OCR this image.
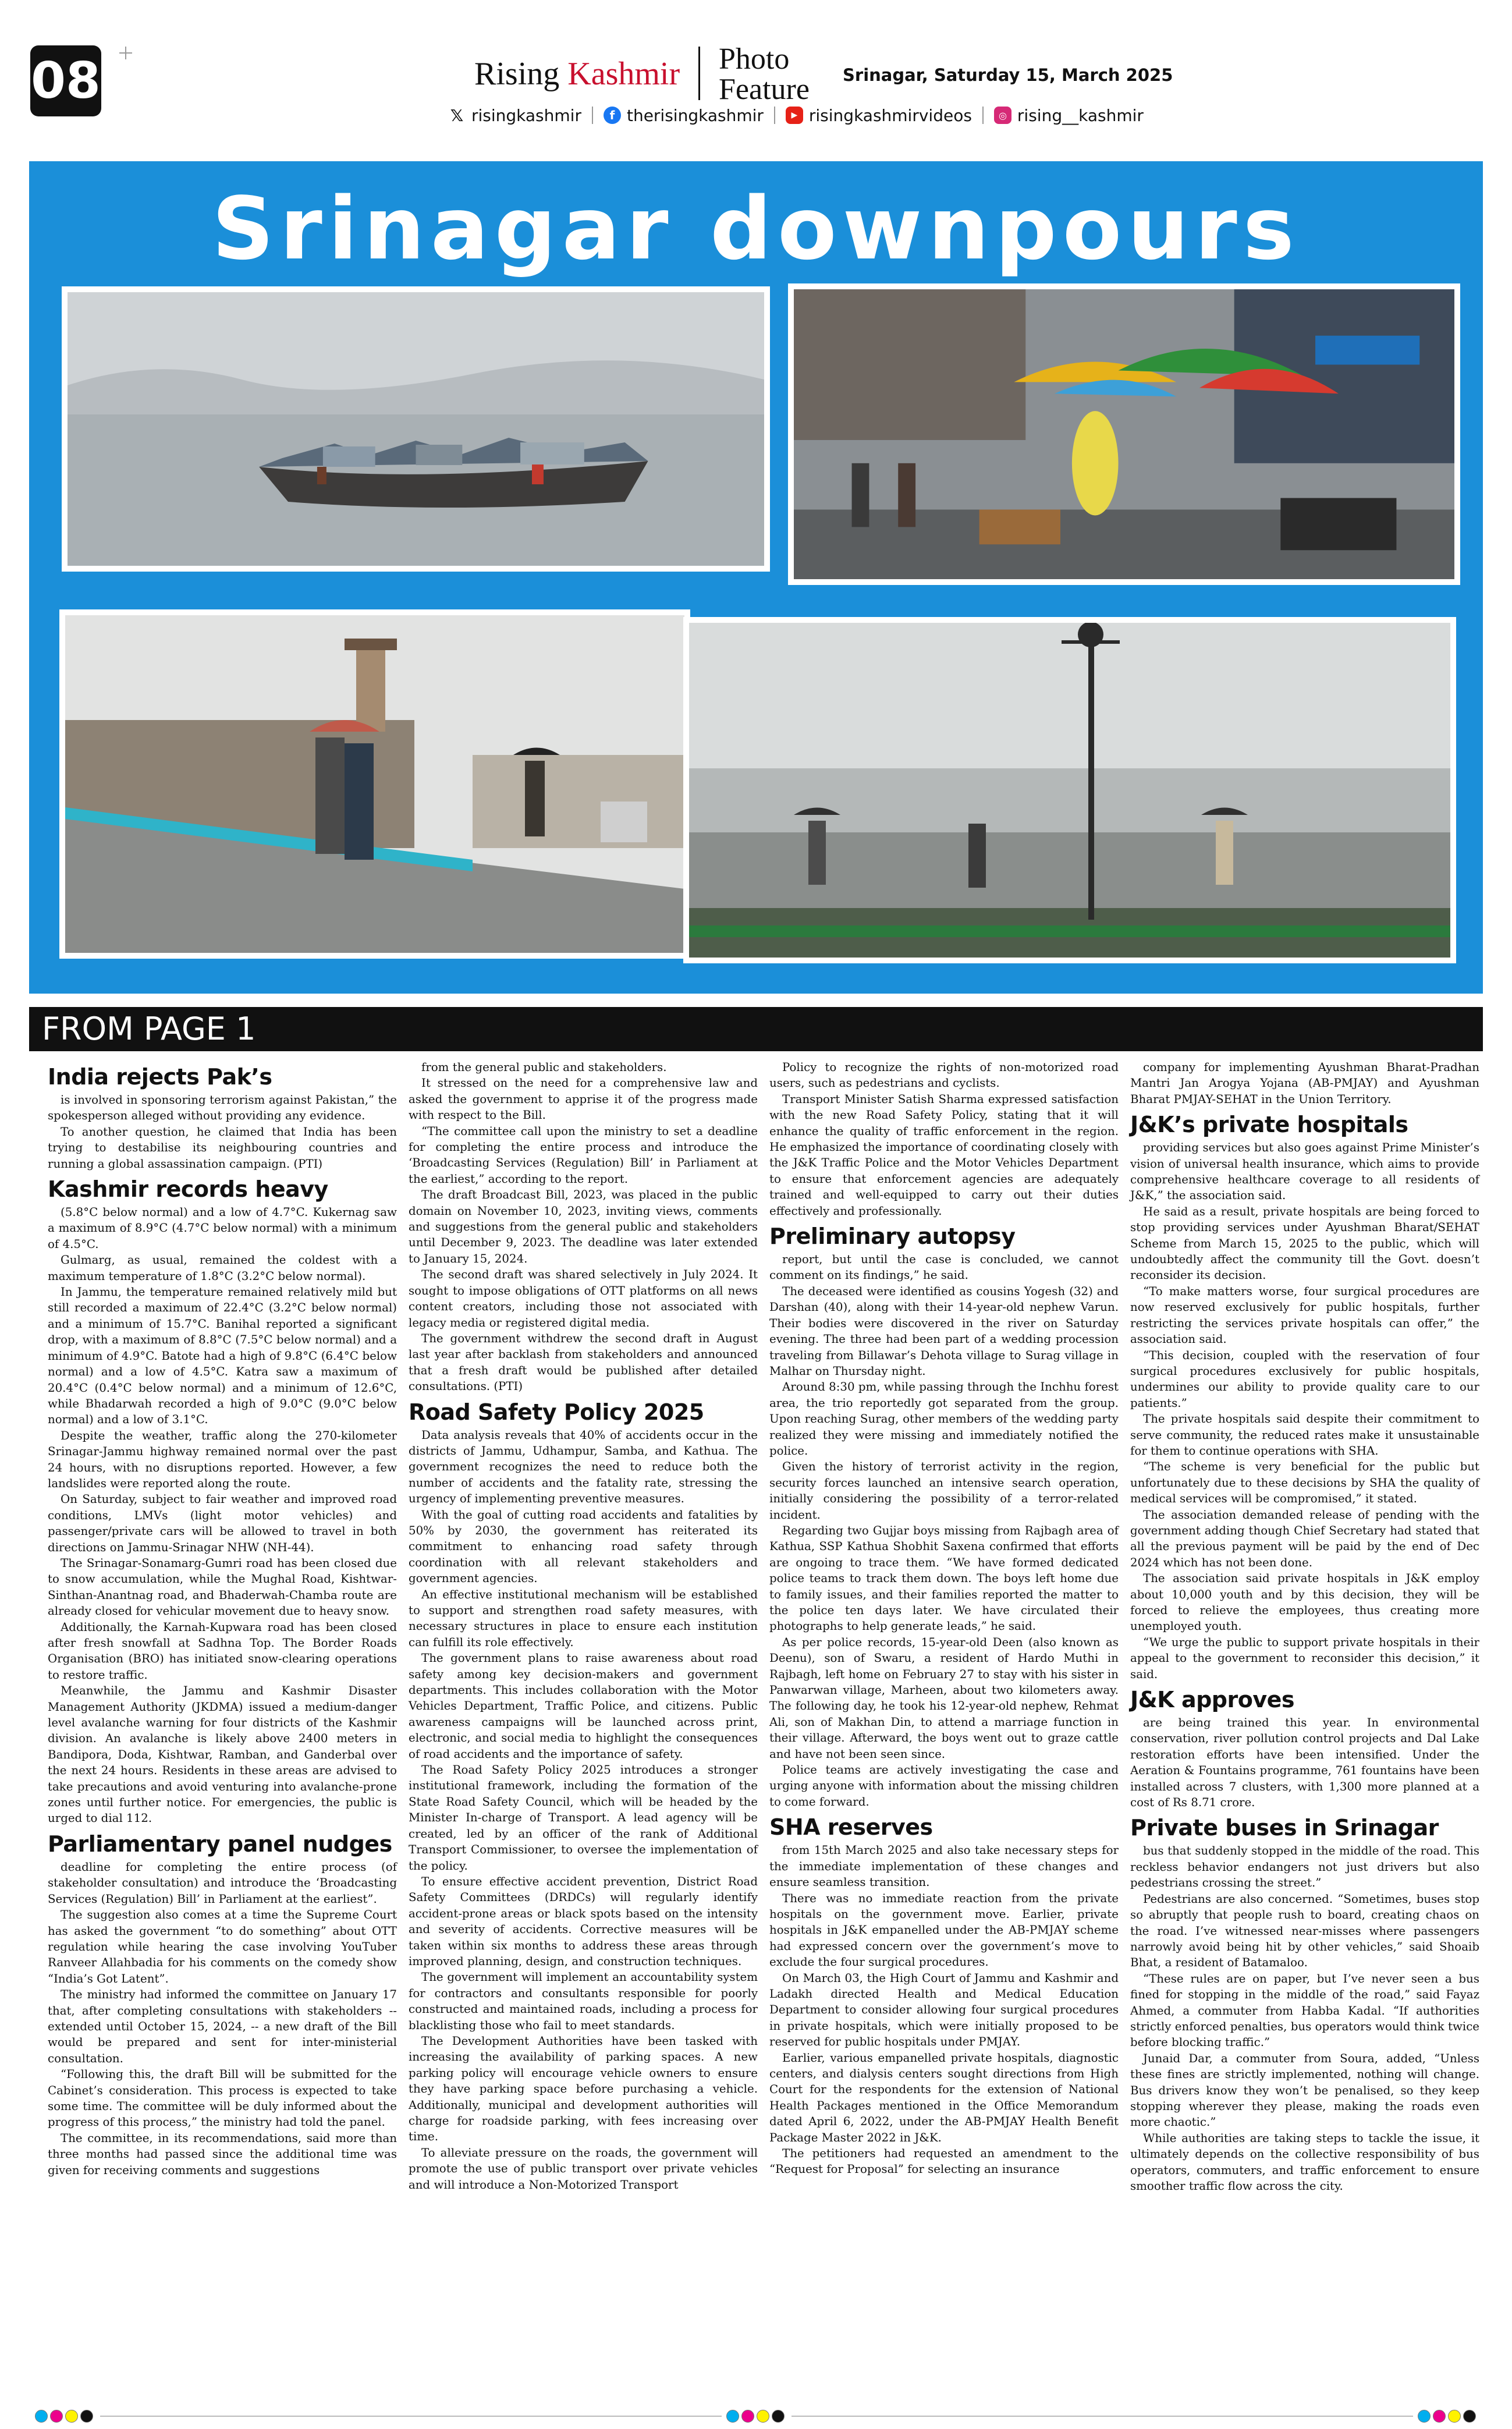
08	Rising Kashmir Photo Feature	Srinagar, Saturday 15, March 2025
𝕏 risingkashmir	f therisingkashmir	▶ risingkashmirvideos	◎ rising__kashmir
Srinagar downpours
FROM PAGE 1
India rejects Pak’s

is involved in sponsoring terrorism against Pakistan,” the spokesperson alleged without providing any evidence.

To another question, he claimed that India has been trying to destabilise its neighbouring countries and running a global assassination campaign. (PTI)

Kashmir records heavy

(5.8°C below normal) and a low of 4.7°C. Kukernag saw a maximum of 8.9°C (4.7°C below normal) with a minimum of 4.5°C.

Gulmarg, as usual, remained the coldest with a maximum temperature of 1.8°C (3.2°C below normal).

In Jammu, the temperature remained relatively mild but still recorded a maximum of 22.4°C (3.2°C below normal) and a minimum of 15.7°C. Banihal reported a significant drop, with a maximum of 8.8°C (7.5°C below normal) and a minimum of 4.9°C. Batote had a high of 9.8°C (6.4°C below normal) and a low of 4.5°C. Katra saw a maximum of 20.4°C (0.4°C below normal) and a minimum of 12.6°C, while Bhadarwah recorded a high of 9.0°C (9.0°C below normal) and a low of 3.1°C.

Despite the weather, traffic along the 270-kilometer Srinagar-Jammu highway remained normal over the past 24 hours, with no disruptions reported. However, a few landslides were reported along the route.

On Saturday, subject to fair weather and improved road conditions, LMVs (light motor vehicles) and passenger/private cars will be allowed to travel in both directions on Jammu-Srinagar NHW (NH-44).

The Srinagar-Sonamarg-Gumri road has been closed due to snow accumulation, while the Mughal Road, Kishtwar-Sinthan-Anantnag road, and Bhaderwah-Chamba route are already closed for vehicular movement due to heavy snow.

Additionally, the Karnah-Kupwara road has been closed after fresh snowfall at Sadhna Top. The Border Roads Organisation (BRO) has initiated snow-clearing operations to restore traffic.

Meanwhile, the Jammu and Kashmir Disaster Management Authority (JKDMA) issued a medium-danger level avalanche warning for four districts of the Kashmir division. An avalanche is likely above 2400 meters in Bandipora, Doda, Kishtwar, Ramban, and Ganderbal over the next 24 hours. Residents in these areas are advised to take precautions and avoid venturing into avalanche-prone zones until further notice. For emergencies, the public is urged to dial 112.

Parliamentary panel nudges

deadline for completing the entire process (of stakeholder consultation) and introduce the ‘Broadcasting Services (Regulation) Bill’ in Parliament at the earliest”.

The suggestion also comes at a time the Supreme Court has asked the government “to do something” about OTT regulation while hearing the case involving YouTuber Ranveer Allahbadia for his comments on the comedy show “India’s Got Latent”.

The ministry had informed the committee on January 17 that, after completing consultations with stakeholders -- extended until October 15, 2024, -- a new draft of the Bill would be prepared and sent for inter-ministerial consultation.

“Following this, the draft Bill will be submitted for the Cabinet’s consideration. This process is expected to take some time. The committee will be duly informed about the progress of this process,” the ministry had told the panel.

The committee, in its recommendations, said more than three months had passed since the additional time was given for receiving comments and suggestions

from the general public and stakeholders.

It stressed on the need for a comprehensive law and asked the government to apprise it of the progress made with respect to the Bill.

“The committee call upon the ministry to set a deadline for completing the entire process and introduce the ‘Broadcasting Services (Regulation) Bill’ in Parliament at the earliest,” according to the report.

The draft Broadcast Bill, 2023, was placed in the public domain on November 10, 2023, inviting views, comments and suggestions from the general public and stakeholders until December 9, 2023. The deadline was later extended to January 15, 2024.

The second draft was shared selectively in July 2024. It sought to impose obligations of OTT platforms on all news content creators, including those not associated with legacy media or registered digital media.

The government withdrew the second draft in August last year after backlash from stakeholders and announced that a fresh draft would be published after detailed consultations. (PTI)

Road Safety Policy 2025

Data analysis reveals that 40% of accidents occur in the districts of Jammu, Udhampur, Samba, and Kathua. The government recognizes the need to reduce both the number of accidents and the fatality rate, stressing the urgency of implementing preventive measures.

With the goal of cutting road accidents and fatalities by 50% by 2030, the government has reiterated its commitment to enhancing road safety through coordination with all relevant stakeholders and government agencies.

An effective institutional mechanism will be established to support and strengthen road safety measures, with necessary structures in place to ensure each institution can fulfill its role effectively.

The government plans to raise awareness about road safety among key decision-makers and government departments. This includes collaboration with the Motor Vehicles Department, Traffic Police, and citizens. Public awareness campaigns will be launched across print, electronic, and social media to highlight the consequences of road accidents and the importance of safety.

The Road Safety Policy 2025 introduces a stronger institutional framework, including the formation of the State Road Safety Council, which will be headed by the Minister In-charge of Transport. A lead agency will be created, led by an officer of the rank of Additional Transport Commissioner, to oversee the implementation of the policy.

To ensure effective accident prevention, District Road Safety Committees (DRDCs) will regularly identify accident-prone areas or black spots based on the intensity and severity of accidents. Corrective measures will be taken within six months to address these areas through improved planning, design, and construction techniques.

The government will implement an accountability system for contractors and consultants responsible for poorly constructed and maintained roads, including a process for blacklisting those who fail to meet standards.

The Development Authorities have been tasked with increasing the availability of parking spaces. A new parking policy will encourage vehicle owners to ensure they have parking space before purchasing a vehicle. Additionally, municipal and development authorities will charge for roadside parking, with fees increasing over time.

To alleviate pressure on the roads, the government will promote the use of public transport over private vehicles and will introduce a Non-Motorized Transport

Policy to recognize the rights of non-motorized road users, such as pedestrians and cyclists.

Transport Minister Satish Sharma expressed satisfaction with the new Road Safety Policy, stating that it will enhance the quality of traffic enforcement in the region. He emphasized the importance of coordinating closely with the J&K Traffic Police and the Motor Vehicles Department to ensure that enforcement agencies are adequately trained and well-equipped to carry out their duties effectively and professionally.

Preliminary autopsy

report, but until the case is concluded, we cannot comment on its findings,” he said.

The deceased were identified as cousins Yogesh (32) and Darshan (40), along with their 14-year-old nephew Varun. Their bodies were discovered in the river on Saturday evening. The three had been part of a wedding procession traveling from Billawar’s Dehota village to Surag village in Malhar on Thursday night.

Around 8:30 pm, while passing through the Inchhu forest area, the trio reportedly got separated from the group. Upon reaching Surag, other members of the wedding party realized they were missing and immediately notified the police.

Given the history of terrorist activity in the region, security forces launched an intensive search operation, initially considering the possibility of a terror-related incident.

Regarding two Gujjar boys missing from Rajbagh area of Kathua, SSP Kathua Shobhit Saxena confirmed that efforts are ongoing to trace them. “We have formed dedicated police teams to track them down. The boys left home due to family issues, and their families reported the matter to the police ten days later. We have circulated their photographs to help generate leads,” he said.

As per police records, 15-year-old Deen (also known as Deenu), son of Swaru, a resident of Hardo Muthi in Rajbagh, left home on February 27 to stay with his sister in Panwarwan village, Marheen, about two kilometers away. The following day, he took his 12-year-old nephew, Rehmat Ali, son of Makhan Din, to attend a marriage function in their village. Afterward, the boys went out to graze cattle and have not been seen since.

Police teams are actively investigating the case and urging anyone with information about the missing children to come forward.

SHA reserves

from 15th March 2025 and also take necessary steps for the immediate implementation of these changes and ensure seamless transition.

There was no immediate reaction from the private hospitals on the government move. Earlier, private hospitals in J&K empanelled under the AB-PMJAY scheme had expressed concern over the government’s move to exclude the four surgical procedures.

On March 03, the High Court of Jammu and Kashmir and Ladakh directed Health and Medical Education Department to consider allowing four surgical procedures in private hospitals, which were initially proposed to be reserved for public hospitals under PMJAY.

Earlier, various empanelled private hospitals, diagnostic centers, and dialysis centers sought directions from High Court for the respondents for the extension of National Health Packages mentioned in the Office Memorandum dated April 6, 2022, under the AB-PMJAY Health Benefit Package Master 2022 in J&K.

The petitioners had requested an amendment to the “Request for Proposal” for selecting an insurance

company for implementing Ayushman Bharat-Pradhan Mantri Jan Arogya Yojana (AB-PMJAY) and Ayushman Bharat PMJAY-SEHAT in the Union Territory.

J&K’s private hospitals

providing services but also goes against Prime Minister’s vision of universal health insurance, which aims to provide comprehensive healthcare coverage to all residents of J&K,” the association said.

He said as a result, private hospitals are being forced to stop providing services under Ayushman Bharat/SEHAT Scheme from March 15, 2025 to the public, which will undoubtedly affect the community till the Govt. doesn’t reconsider its decision.

“To make matters worse, four surgical procedures are now reserved exclusively for public hospitals, further restricting the services private hospitals can offer,” the association said.

“This decision, coupled with the reservation of four surgical procedures exclusively for public hospitals, undermines our ability to provide quality care to our patients.”

The private hospitals said despite their commitment to serve community, the reduced rates make it unsustainable for them to continue operations with SHA.

“The scheme is very beneficial for the public but unfortunately due to these decisions by SHA the quality of medical services will be compromised,” it stated.

The association demanded release of pending with the government adding though Chief Secretary had stated that all the previous payment will be paid by the end of Dec 2024 which has not been done.

The association said private hospitals in J&K employ about 10,000 youth and by this decision, they will be forced to relieve the employees, thus creating more unemployed youth.

“We urge the public to support private hospitals in their appeal to the government to reconsider this decision,” it said.

J&K approves

are being trained this year. In environmental conservation, river pollution control projects and Dal Lake restoration efforts have been intensified. Under the Aeration & Fountains programme, 761 fountains have been installed across 7 clusters, with 1,300 more planned at a cost of Rs 8.71 crore.

Private buses in Srinagar

bus that suddenly stopped in the middle of the road. This reckless behavior endangers not just drivers but also pedestrians crossing the street.”

Pedestrians are also concerned. “Sometimes, buses stop so abruptly that people rush to board, creating chaos on the road. I’ve witnessed near-misses where passengers narrowly avoid being hit by other vehicles,” said Shoaib Bhat, a resident of Batamaloo.

“These rules are on paper, but I’ve never seen a bus fined for stopping in the middle of the road,” said Fayaz Ahmed, a commuter from Habba Kadal. “If authorities strictly enforced penalties, bus operators would think twice before blocking traffic.”

Junaid Dar, a commuter from Soura, added, “Unless these fines are strictly implemented, nothing will change. Bus drivers know they won’t be penalised, so they keep stopping wherever they please, making the roads even more chaotic.”

While authorities are taking steps to tackle the issue, it ultimately depends on the collective responsibility of bus operators, commuters, and traffic enforcement to ensure smoother traffic flow across the city.
